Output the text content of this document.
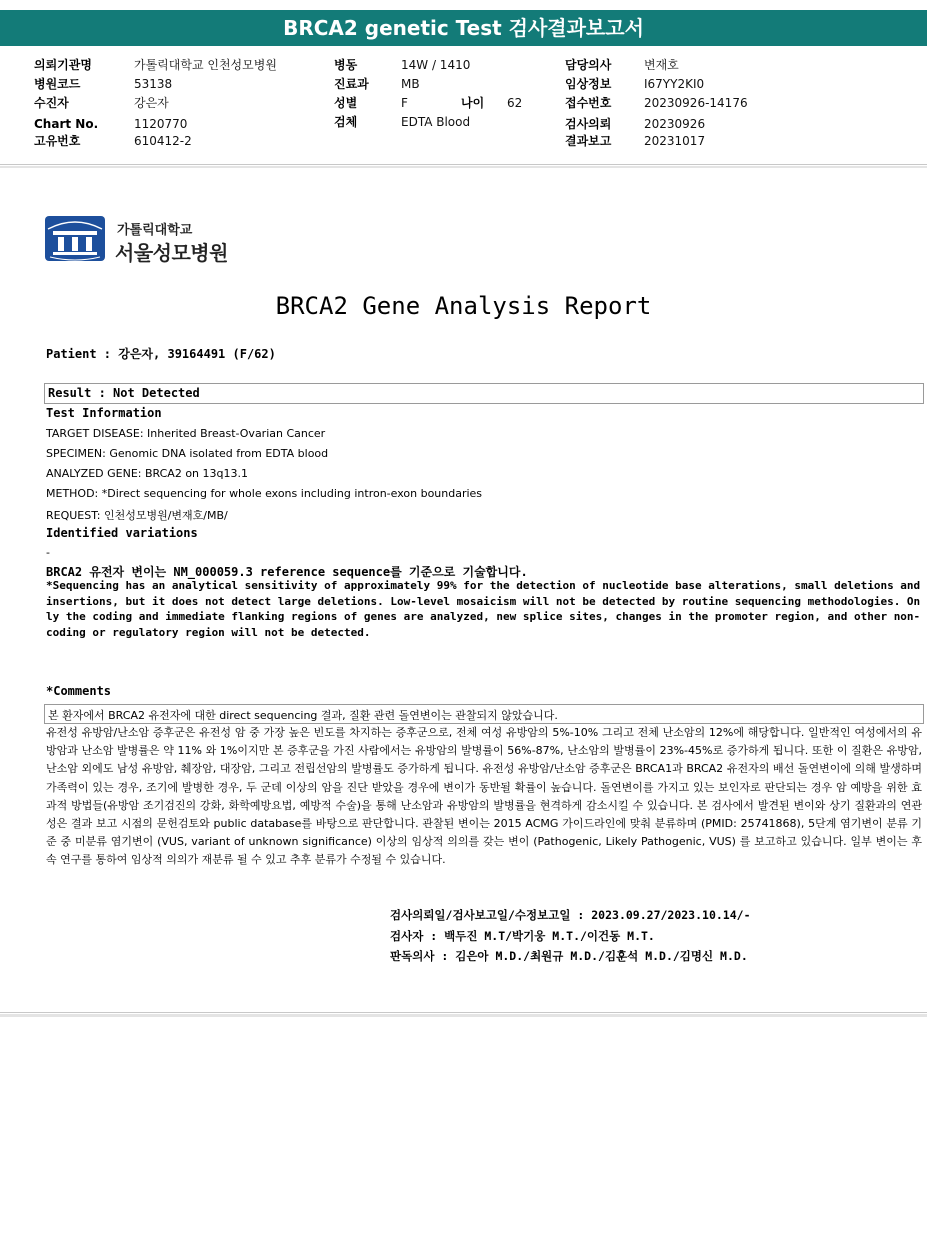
BRCA2 genetic Test 검사결과보고서
의뢰기관명	가톨릭대학교 인천성모병원
병원코드	53138
수진자	강은자
Chart No.	1120770
고유번호	610412-2
병동	14W / 1410
진료과	MB
성별	F	나이 62
검체	EDTA Blood
담당의사	변재호
임상정보	I67YY2KI0
접수번호	20230926-14176
검사의뢰	20230926
결과보고	20231017
가톨릭대학교
서울성모병원
BRCA2 Gene Analysis Report
Patient : 강은자, 39164491 (F/62)
Result : Not Detected
Test Information
TARGET DISEASE: Inherited Breast-Ovarian Cancer
SPECIMEN: Genomic DNA isolated from EDTA blood
ANALYZED GENE: BRCA2 on 13q13.1
METHOD: *Direct sequencing for whole exons including intron-exon boundaries
REQUEST: 인천성모병원/변재호/MB/
Identified variations
-
BRCA2 유전자 변이는 NM_000059.3 reference sequence를 기준으로 기술합니다.
*Sequencing has an analytical sensitivity of approximately 99% for the detection of nucleotide base alterations, small deletions and insertions, but it does not detect large deletions. Low-level mosaicism will not be detected by routine sequencing methodologies. Only the coding and immediate flanking regions of genes are analyzed, new splice sites, changes in the promoter region, and other non-coding or regulatory region will not be detected.
*Comments
본 환자에서 BRCA2 유전자에 대한 direct sequencing 결과, 질환 관련 돌연변이는 관찰되지 않았습니다.
유전성 유방암/난소암 증후군은 유전성 암 중 가장 높은 빈도를 차지하는 증후군으로, 전체 여성 유방암의 5%-10% 그리고 전체 난소암의 12%에 해당합니다. 일반적인 여성에서의 유방암과 난소암 발병률은 약 11% 와 1%이지만 본 증후군을 가진 사람에서는 유방암의 발병률이 56%-87%, 난소암의 발병률이 23%-45%로 증가하게 됩니다. 또한 이 질환은 유방암, 난소암 외에도 남성 유방암, 췌장암, 대장암, 그리고 전립선암의 발병률도 증가하게 됩니다. 유전성 유방암/난소암 증후군은 BRCA1과 BRCA2 유전자의 배선 돌연변이에 의해 발생하며 가족력이 있는 경우, 조기에 발병한 경우, 두 군데 이상의 암을 진단 받았을 경우에 변이가 동반될 확률이 높습니다. 돌연변이를 가지고 있는 보인자로 판단되는 경우 암 예방을 위한 효과적 방법들(유방암 조기검진의 강화, 화학예방요법, 예방적 수술)을 통해 난소암과 유방암의 발병률을 현격하게 감소시킬 수 있습니다. 본 검사에서 발견된 변이와 상기 질환과의 연관성은 결과 보고 시점의 문헌검토와 public database를 바탕으로 판단합니다. 관찰된 변이는 2015 ACMG 가이드라인에 맞춰 분류하며 (PMID: 25741868), 5단계 염기변이 분류 기준 중 미분류 염기변이 (VUS, variant of unknown significance) 이상의 임상적 의의를 갖는 변이 (Pathogenic, Likely Pathogenic, VUS) 를 보고하고 있습니다. 일부 변이는 후속 연구를 통하여 임상적 의의가 재분류 될 수 있고 추후 분류가 수정될 수 있습니다.
검사의뢰일/검사보고일/수정보고일 : 2023.09.27/2023.10.14/-
검사자 : 백두진 M.T/박기웅 M.T./이건동 M.T.
판독의사 : 김은아 M.D./최원규 M.D./김훈석 M.D./김명신 M.D.
